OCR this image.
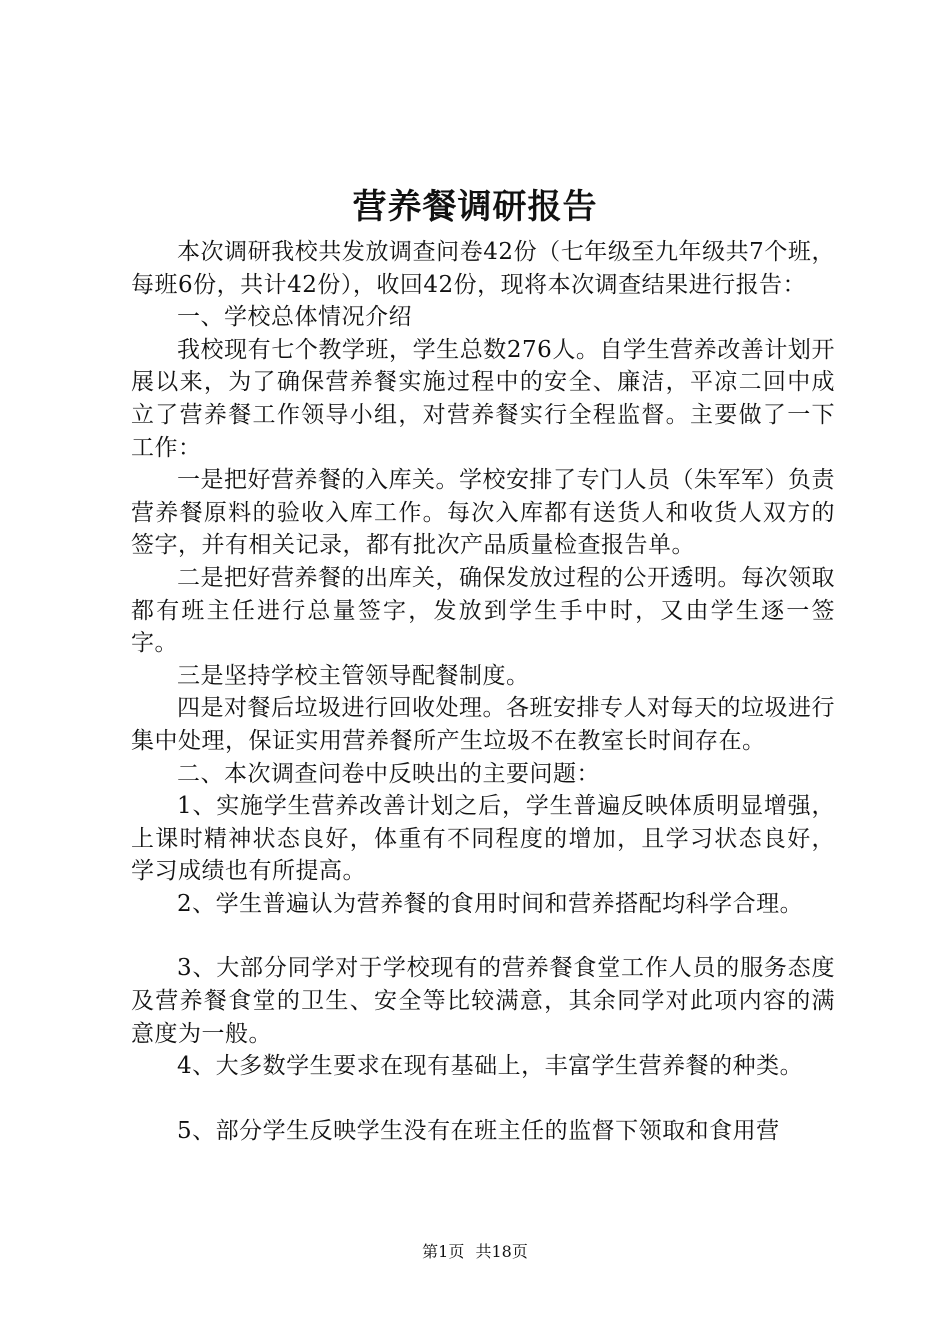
营养餐调研报告

本次调研我校共发放调查问卷42份（七年级至九年级共7个班，每班6份，共计42份），收回42份，现将本次调查结果进行报告：

一、学校总体情况介绍

我校现有七个教学班，学生总数276人。自学生营养改善计划开展以来，为了确保营养餐实施过程中的安全、廉洁，平凉二回中成立了营养餐工作领导小组，对营养餐实行全程监督。主要做了一下工作：

一是把好营养餐的入库关。学校安排了专门人员（朱军军）负责营养餐原料的验收入库工作。每次入库都有送货人和收货人双方的签字，并有相关记录，都有批次产品质量检查报告单。

二是把好营养餐的出库关，确保发放过程的公开透明。每次领取都有班主任进行总量签字，发放到学生手中时，又由学生逐一签字。

三是坚持学校主管领导配餐制度。

四是对餐后垃圾进行回收处理。各班安排专人对每天的垃圾进行集中处理，保证实用营养餐所产生垃圾不在教室长时间存在。

二、本次调查问卷中反映出的主要问题：

1、实施学生营养改善计划之后，学生普遍反映体质明显增强，上课时精神状态良好，体重有不同程度的增加，且学习状态良好，学习成绩也有所提高。

2、学生普遍认为营养餐的食用时间和营养搭配均科学合理。

3、大部分同学对于学校现有的营养餐食堂工作人员的服务态度及营养餐食堂的卫生、安全等比较满意，其余同学对此项内容的满意度为一般。

4、大多数学生要求在现有基础上，丰富学生营养餐的种类。

5、部分学生反映学生没有在班主任的监督下领取和食用营

第1页 共18页
